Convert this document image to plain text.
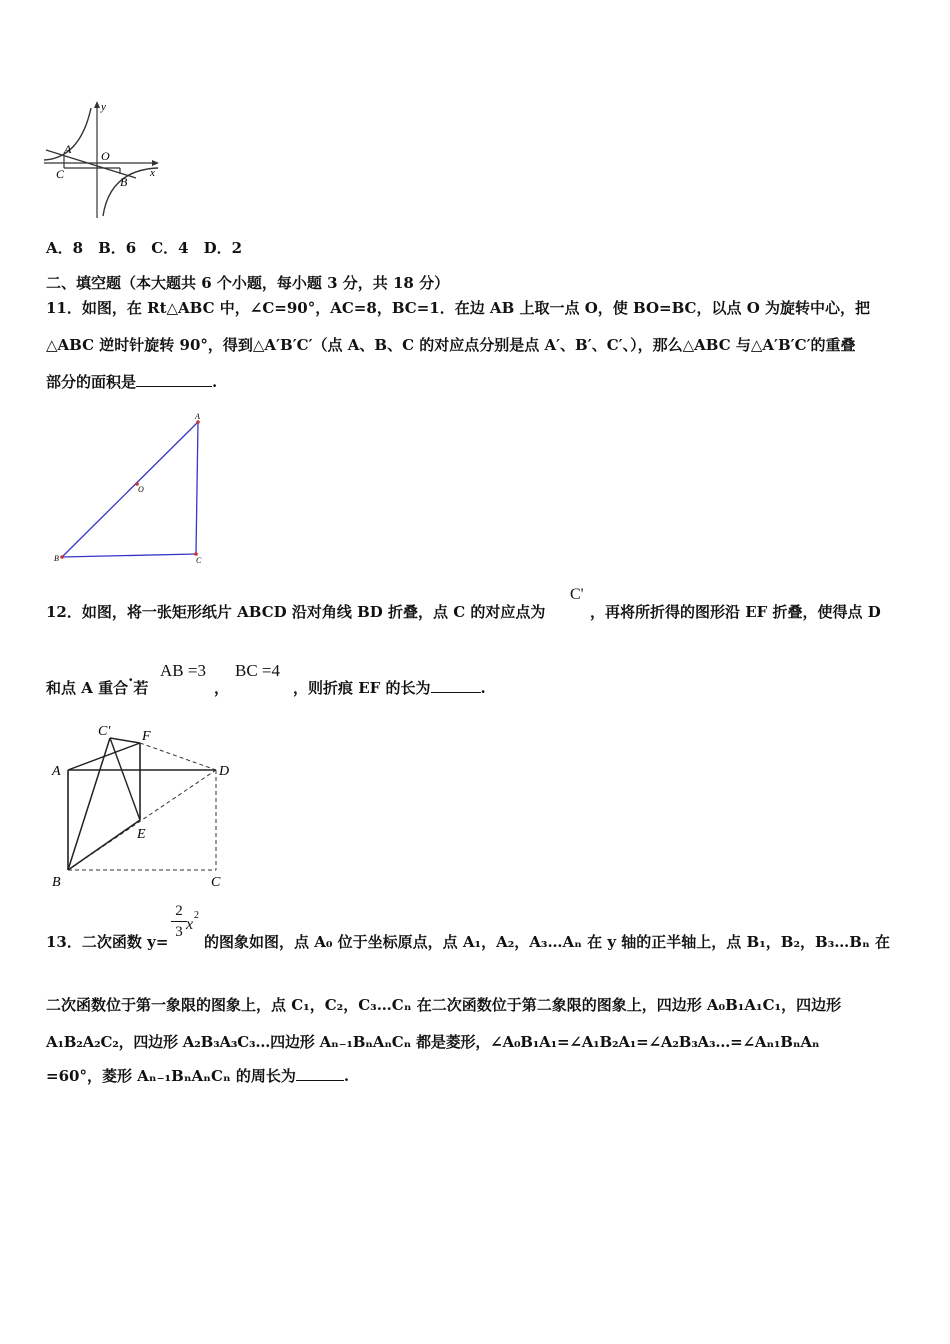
y
x
A O
C
B
A．8　B．6　C．4　D．2
二、填空题（本大题共 6 个小题，每小题 3 分，共 18 分）
11．如图，在 Rt△ABC 中，∠C=90°，AC=8，BC=1．在边 AB 上取一点 O，使 BO=BC，以点 O 为旋转中心，把
△ABC 逆时针旋转 90°，得到△A′B′C′（点 A、B、C 的对应点分别是点 A′、B′、C′、），那么△ABC 与△A′B′C′的重叠
部分的面积是	.
A
O
B	C
12．如图，将一张矩形纸片 ABCD 沿对角线 BD 折叠，点 C 的对应点为
C'
，再将所折得的图形沿 EF 折叠，使得点 D
和点 A 重合·若
AB =3
，
BC =4
，则折痕 EF 的长为	.
C' F
A	D
E
B	C
13．二次函数 y=
2
3 x
2
的图象如图，点 A₀ 位于坐标原点，点 A₁，A₂，A₃…Aₙ 在 y 轴的正半轴上，点 B₁，B₂，B₃…Bₙ 在
二次函数位于第一象限的图象上，点 C₁，C₂，C₃…Cₙ 在二次函数位于第二象限的图象上，四边形 A₀B₁A₁C₁，四边形
A₁B₂A₂C₂，四边形 A₂B₃A₃C₃…四边形 Aₙ₋₁BₙAₙCₙ 都是菱形，∠A₀B₁A₁=∠A₁B₂A₁=∠A₂B₃A₃…=∠Aₙ₁BₙAₙ
=60°，菱形 Aₙ₋₁BₙAₙCₙ 的周长为	.
